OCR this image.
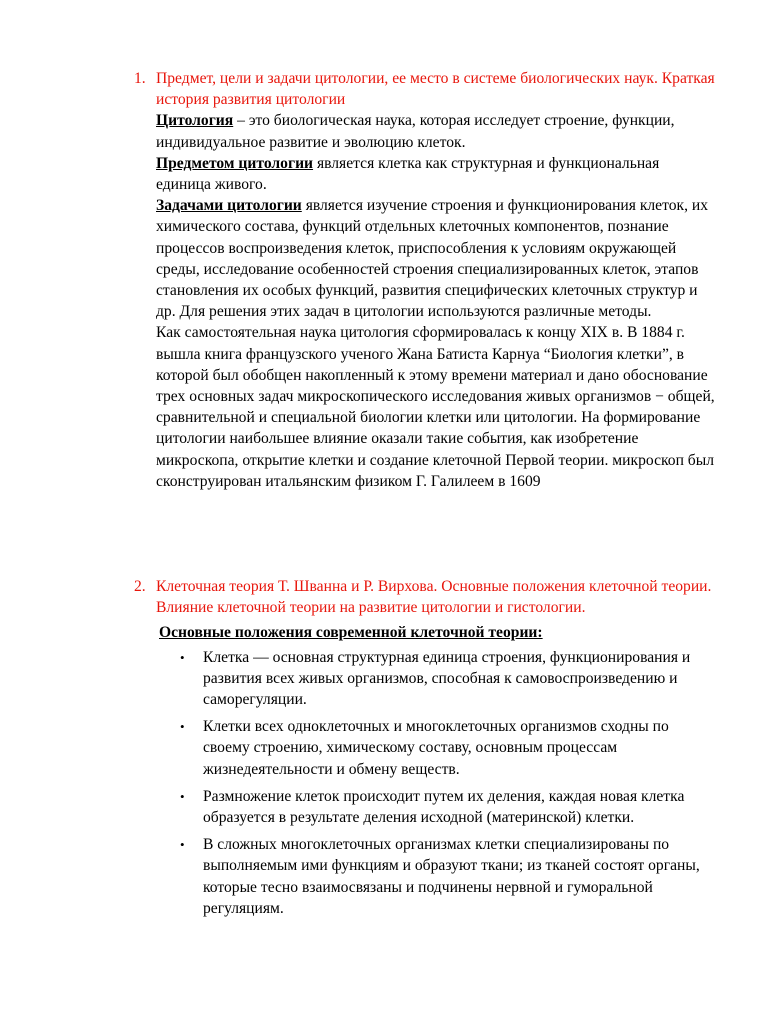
1. Предмет, цели и задачи цитологии, ее место в системе биологических наук. Краткая история развития цитологии
Цитология – это биологическая наука, которая исследует строение, функции, индивидуальное развитие и эволюцию клеток.
Предметом цитологии является клетка как структурная и функциональная единица живого.
Задачами цитологии является изучение строения и функционирования клеток, их химического состава, функций отдельных клеточных компонентов, познание процессов воспроизведения клеток, приспособления к условиям окружающей среды, исследование особенностей строения специализированных клеток, этапов становления их особых функций, развития специфических клеточных структур и др. Для решения этих задач в цитологии используются различные методы.
Как самостоятельная наука цитология сформировалась к концу XIX в. В 1884 г. вышла книга французского ученого Жана Батиста Карнуа “Биология клетки”, в которой был обобщен накопленный к этому времени материал и дано обоснование трех основных задач микроскопического исследования живых организмов − общей, сравнительной и специальной биологии клетки или цитологии. На формирование цитологии наибольшее влияние оказали такие события, как изобретение микроскопа, открытие клетки и создание клеточной Первой теории. микроскоп был сконструирован итальянским физиком Г. Галилеем в 1609
2. Клеточная теория Т. Шванна и Р. Вирхова. Основные положения клеточной теории. Влияние клеточной теории на развитие цитологии и гистологии.
Основные положения современной клеточной теории:
• Клетка — основная структурная единица строения, функционирования и развития всех живых организмов, способная к самовоспроизведению и саморегуляции.
• Клетки всех одноклеточных и многоклеточных организмов сходны по своему строению, химическому составу, основным процессам жизнедеятельности и обмену веществ.
• Размножение клеток происходит путем их деления, каждая новая клетка образуется в результате деления исходной (материнской) клетки.
• В сложных многоклеточных организмах клетки специализированы по выполняемым ими функциям и образуют ткани; из тканей состоят органы, которые тесно взаимосвязаны и подчинены нервной и гуморальной регуляциям.
